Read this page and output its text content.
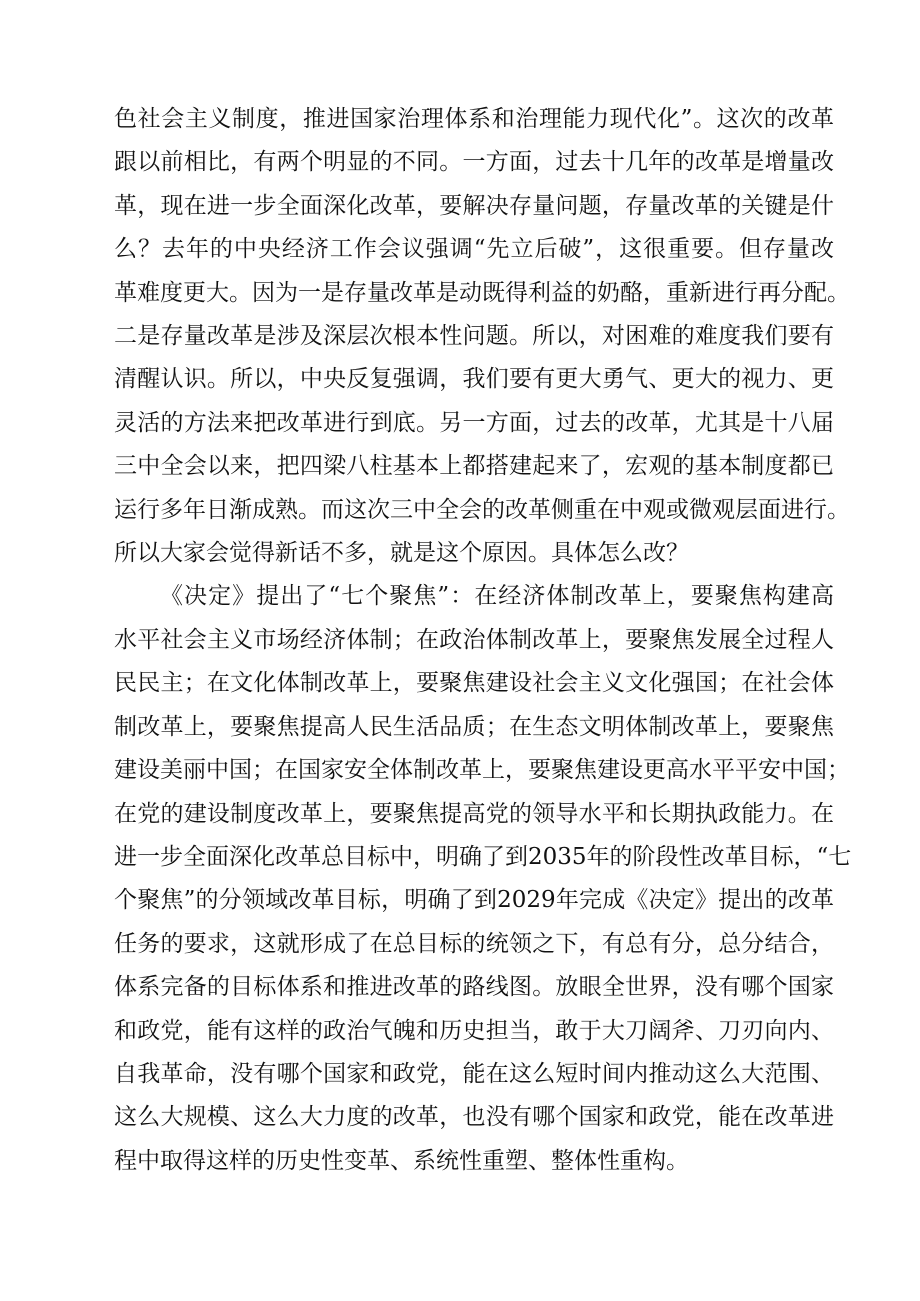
色社会主义制度，推进国家治理体系和治理能力现代化”。这次的改革
跟以前相比，有两个明显的不同。一方面，过去十几年的改革是增量改
革，现在进一步全面深化改革，要解决存量问题，存量改革的关键是什
么？去年的中央经济工作会议强调“先立后破”，这很重要。但存量改
革难度更大。因为一是存量改革是动既得利益的奶酪，重新进行再分配。
二是存量改革是涉及深层次根本性问题。所以，对困难的难度我们要有
清醒认识。所以，中央反复强调，我们要有更大勇气、更大的视力、更
灵活的方法来把改革进行到底。另一方面，过去的改革，尤其是十八届
三中全会以来，把四梁八柱基本上都搭建起来了，宏观的基本制度都已
运行多年日渐成熟。而这次三中全会的改革侧重在中观或微观层面进行。
所以大家会觉得新话不多，就是这个原因。具体怎么改？
《决定》提出了“七个聚焦”：在经济体制改革上，要聚焦构建高
水平社会主义市场经济体制；在政治体制改革上，要聚焦发展全过程人
民民主；在文化体制改革上，要聚焦建设社会主义文化强国；在社会体
制改革上，要聚焦提高人民生活品质；在生态文明体制改革上，要聚焦
建设美丽中国；在国家安全体制改革上，要聚焦建设更高水平平安中国；
在党的建设制度改革上，要聚焦提高党的领导水平和长期执政能力。在
进一步全面深化改革总目标中，明确了到2035年的阶段性改革目标，“七
个聚焦”的分领域改革目标，明确了到2029年完成《决定》提出的改革
任务的要求，这就形成了在总目标的统领之下，有总有分，总分结合，
体系完备的目标体系和推进改革的路线图。放眼全世界，没有哪个国家
和政党，能有这样的政治气魄和历史担当，敢于大刀阔斧、刀刃向内、
自我革命，没有哪个国家和政党，能在这么短时间内推动这么大范围、
这么大规模、这么大力度的改革，也没有哪个国家和政党，能在改革进
程中取得这样的历史性变革、系统性重塑、整体性重构。
